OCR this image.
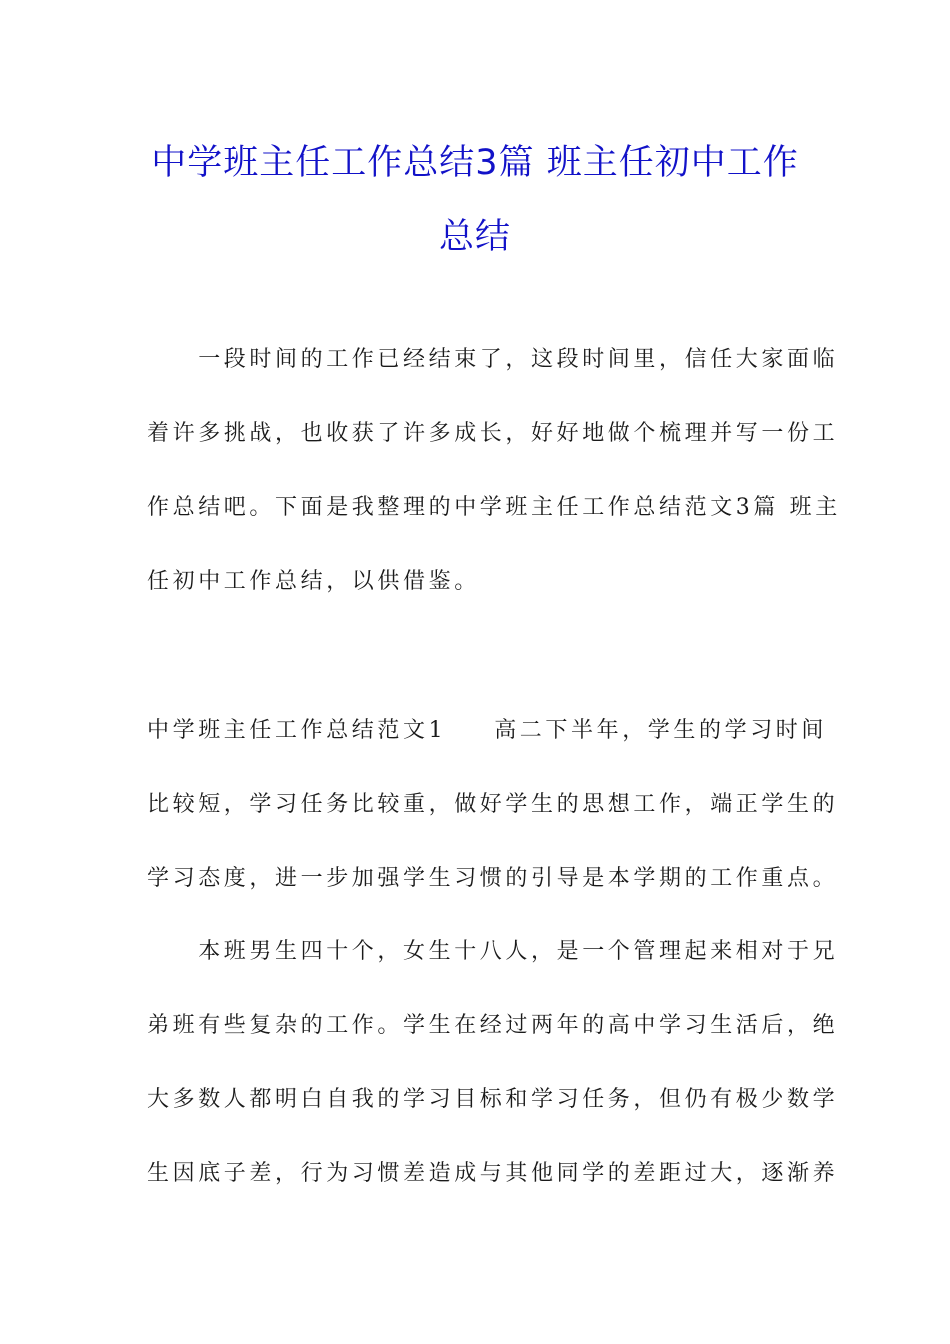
中学班主任工作总结3篇 班主任初中工作
总结
　　一段时间的工作已经结束了，这段时间里，信任大家面临
着许多挑战，也收获了许多成长，好好地做个梳理并写一份工
作总结吧。下面是我整理的中学班主任工作总结范文3篇 班主
任初中工作总结，以供借鉴。
中学班主任工作总结范文1 高二下半年，学生的学习时间
比较短，学习任务比较重，做好学生的思想工作，端正学生的
学习态度，进一步加强学生习惯的引导是本学期的工作重点。
　　本班男生四十个，女生十八人，是一个管理起来相对于兄
弟班有些复杂的工作。学生在经过两年的高中学习生活后，绝
大多数人都明白自我的学习目标和学习任务，但仍有极少数学
生因底子差，行为习惯差造成与其他同学的差距过大，逐渐养
